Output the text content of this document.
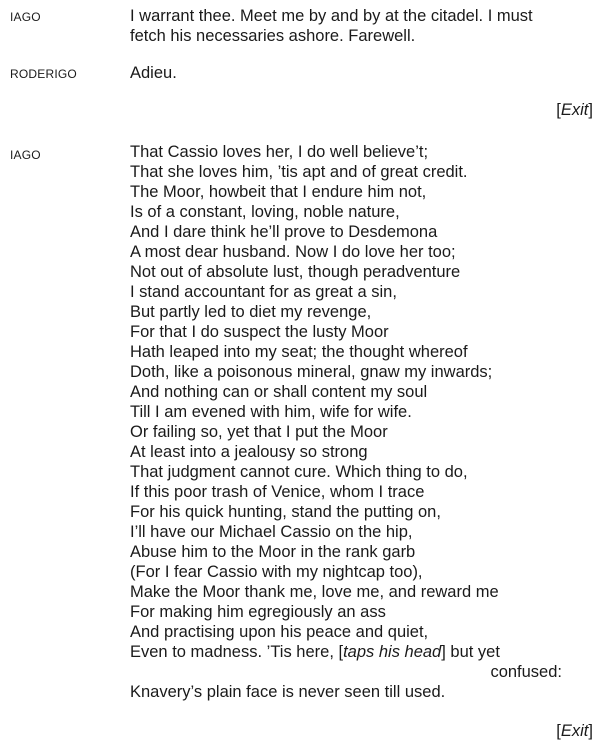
IAGO	I warrant thee. Meet me by and by at the citadel. I must
fetch his necessaries ashore. Farewell.
RODERIGO	Adieu.
[Exit]
IAGO	That Cassio loves her, I do well believe’t;
That she loves him, ’tis apt and of great credit.
The Moor, howbeit that I endure him not,
Is of a constant, loving, noble nature,
And I dare think he’ll prove to Desdemona
A most dear husband. Now I do love her too;
Not out of absolute lust, though peradventure
I stand accountant for as great a sin,
But partly led to diet my revenge,
For that I do suspect the lusty Moor
Hath leaped into my seat; the thought whereof
Doth, like a poisonous mineral, gnaw my inwards;
And nothing can or shall content my soul
Till I am evened with him, wife for wife.
Or failing so, yet that I put the Moor
At least into a jealousy so strong
That judgment cannot cure. Which thing to do,
If this poor trash of Venice, whom I trace
For his quick hunting, stand the putting on,
I’ll have our Michael Cassio on the hip,
Abuse him to the Moor in the rank garb
(For I fear Cassio with my nightcap too),
Make the Moor thank me, love me, and reward me
For making him egregiously an ass
And practising upon his peace and quiet,
Even to madness. ’Tis here, [taps his head] but yet
confused:
Knavery’s plain face is never seen till used.
[Exit]
